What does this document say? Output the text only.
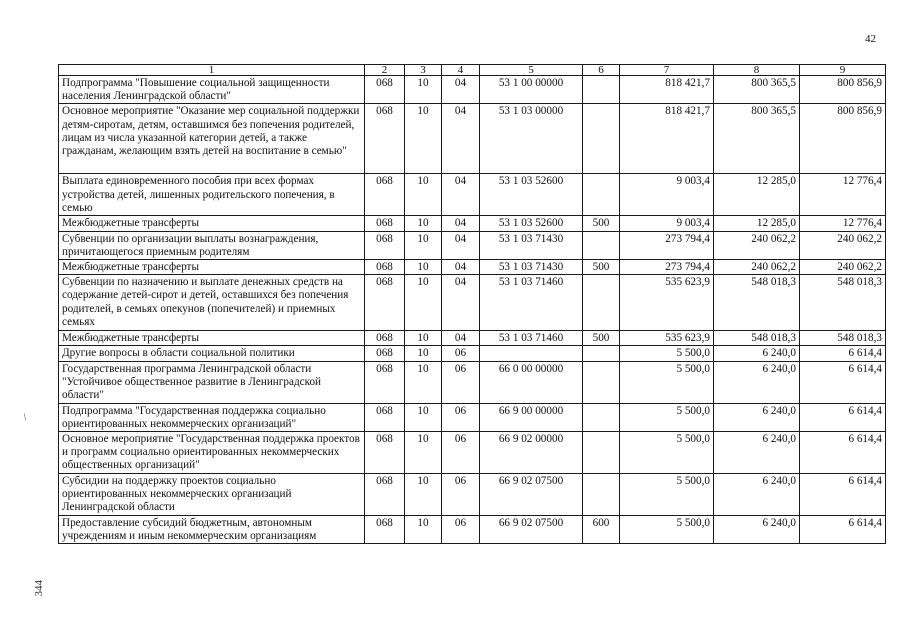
42
344
/
1	2	3	4	5	6	7	8	9
Подпрограмма "Повышение социальной защищенности населения Ленинградской области"	068	10	04	53 1 00 00000		818 421,7	800 365,5	800 856,9
Основное мероприятие "Оказание мер социальной поддержки детям-сиротам, детям, оставшимся без попечения родителей, лицам из числа указанной категории детей, а также гражданам, желающим взять детей на воспитание в семью"	068	10	04	53 1 03 00000		818 421,7	800 365,5	800 856,9
Выплата единовременного пособия при всех формах устройства детей, лишенных родительского попечения, в семью	068	10	04	53 1 03 52600		9 003,4	12 285,0	12 776,4
Межбюджетные трансферты	068	10	04	53 1 03 52600	500	9 003,4	12 285,0	12 776,4
Субвенции по организации выплаты вознаграждения, причитающегося приемным родителям	068	10	04	53 1 03 71430		273 794,4	240 062,2	240 062,2
Межбюджетные трансферты	068	10	04	53 1 03 71430	500	273 794,4	240 062,2	240 062,2
Субвенции по назначению и выплате денежных средств на содержание детей-сирот и детей, оставшихся без попечения родителей, в семьях опекунов (попечителей) и приемных семьях	068	10	04	53 1 03 71460		535 623,9	548 018,3	548 018,3
Межбюджетные трансферты	068	10	04	53 1 03 71460	500	535 623,9	548 018,3	548 018,3
Другие вопросы в области социальной политики	068	10	06			5 500,0	6 240,0	6 614,4
Государственная программа Ленинградской области "Устойчивое общественное развитие в Ленинградской области"	068	10	06	66 0 00 00000		5 500,0	6 240,0	6 614,4
Подпрограмма "Государственная поддержка социально ориентированных некоммерческих организаций"	068	10	06	66 9 00 00000		5 500,0	6 240,0	6 614,4
Основное мероприятие "Государственная поддержка проектов и программ социально ориентированных некоммерческих общественных организаций"	068	10	06	66 9 02 00000		5 500,0	6 240,0	6 614,4
Субсидии на поддержку проектов социально ориентированных некоммерческих организаций Ленинградской области	068	10	06	66 9 02 07500		5 500,0	6 240,0	6 614,4
Предоставление субсидий бюджетным, автономным учреждениям и иным некоммерческим организациям	068	10	06	66 9 02 07500	600	5 500,0	6 240,0	6 614,4
